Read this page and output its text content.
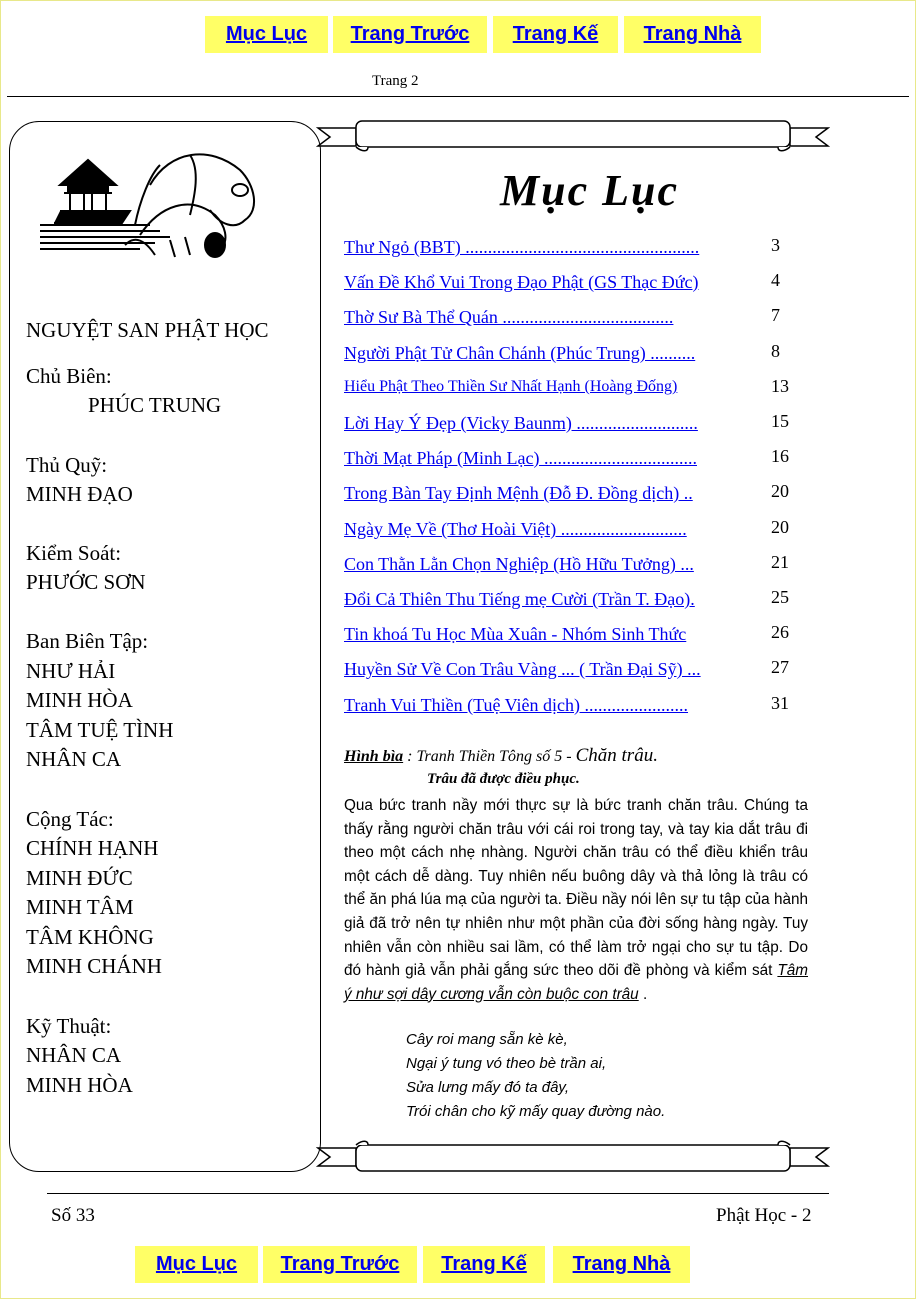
Mục Lục	Trang Trước	Trang Kế	Trang Nhà
Trang 2
NGUYỆT SAN PHẬT HỌC
Chủ Biên:
PHÚC TRUNG
Thủ Quỹ:
MINH ĐẠO
Kiểm Soát:
PHƯỚC SƠN
Ban Biên Tập:
NHƯ HẢI
MINH HÒA
TÂM TUỆ TÌNH
NHÂN CA
Cộng Tác:
CHÍNH HẠNH
MINH ĐỨC
MINH TÂM
TÂM KHÔNG
MINH CHÁNH
Kỹ Thuật:
NHÂN CA
MINH HÒA
Mục Lục
Thư Ngỏ (BBT) ....................................................	3
Vấn Đề Khổ Vui Trong Đạo Phật (GS Thạc Đức)	4
Thờ Sư Bà Thể Quán ......................................	7
Người Phật Tử Chân Chánh (Phúc Trung) ..........	8
Hiểu Phật Theo Thiền Sư Nhất Hạnh (Hoàng Đống)	13
Lời Hay Ý Đẹp (Vicky Baunm) ...........................	15
Thời Mạt Pháp (Minh Lạc) ..................................	16
Trong Bàn Tay Định Mệnh (Đỗ Đ. Đồng dịch) ..	20
Ngày Mẹ Về (Thơ Hoài Việt) ............................	20
Con Thằn Lằn Chọn Nghiệp (Hồ Hữu Tưởng) ...	21
Đổi Cả Thiên Thu Tiếng mẹ Cười (Trần T. Đạo).	25
Tin khoá Tu Học Mùa Xuân - Nhóm Sinh Thức	26
Huyền Sử Về Con Trâu Vàng ... ( Trần Đại Sỹ) ...	27
Tranh Vui Thiền (Tuệ Viên dịch) .......................	31
Hình bìa : Tranh Thiền Tông số 5 - Chăn trâu.
Trâu đã được điều phục.
Qua bức tranh nầy mới thực sự là bức tranh chăn trâu. Chúng ta thấy rằng người chăn trâu với cái roi trong tay, và tay kia dắt trâu đi theo một cách nhẹ nhàng. Người chăn trâu có thể điều khiển trâu một cách dễ dàng. Tuy nhiên nếu buông dây và thả lỏng là trâu có thể ăn phá lúa mạ của người ta. Điều nầy nói lên sự tu tập của hành giả đã trở nên tự nhiên như một phần của đời sống hàng ngày. Tuy nhiên vẫn còn nhiều sai lầm, có thể làm trở ngại cho sự tu tập. Do đó hành giả vẫn phải gắng sức theo dõi đề phòng và kiểm sát Tâm ý như sợi dây cương vẫn còn buộc con trâu .
Cây roi mang sẵn kè kè,
Ngại ý tung vó theo bè trần ai,
Sửa lưng mấy đó ta đây,
Trói chân cho kỹ mấy quay đường nào.
Số 33	Phật Học - 2
Mục Lục	Trang Trước	Trang Kế	Trang Nhà
